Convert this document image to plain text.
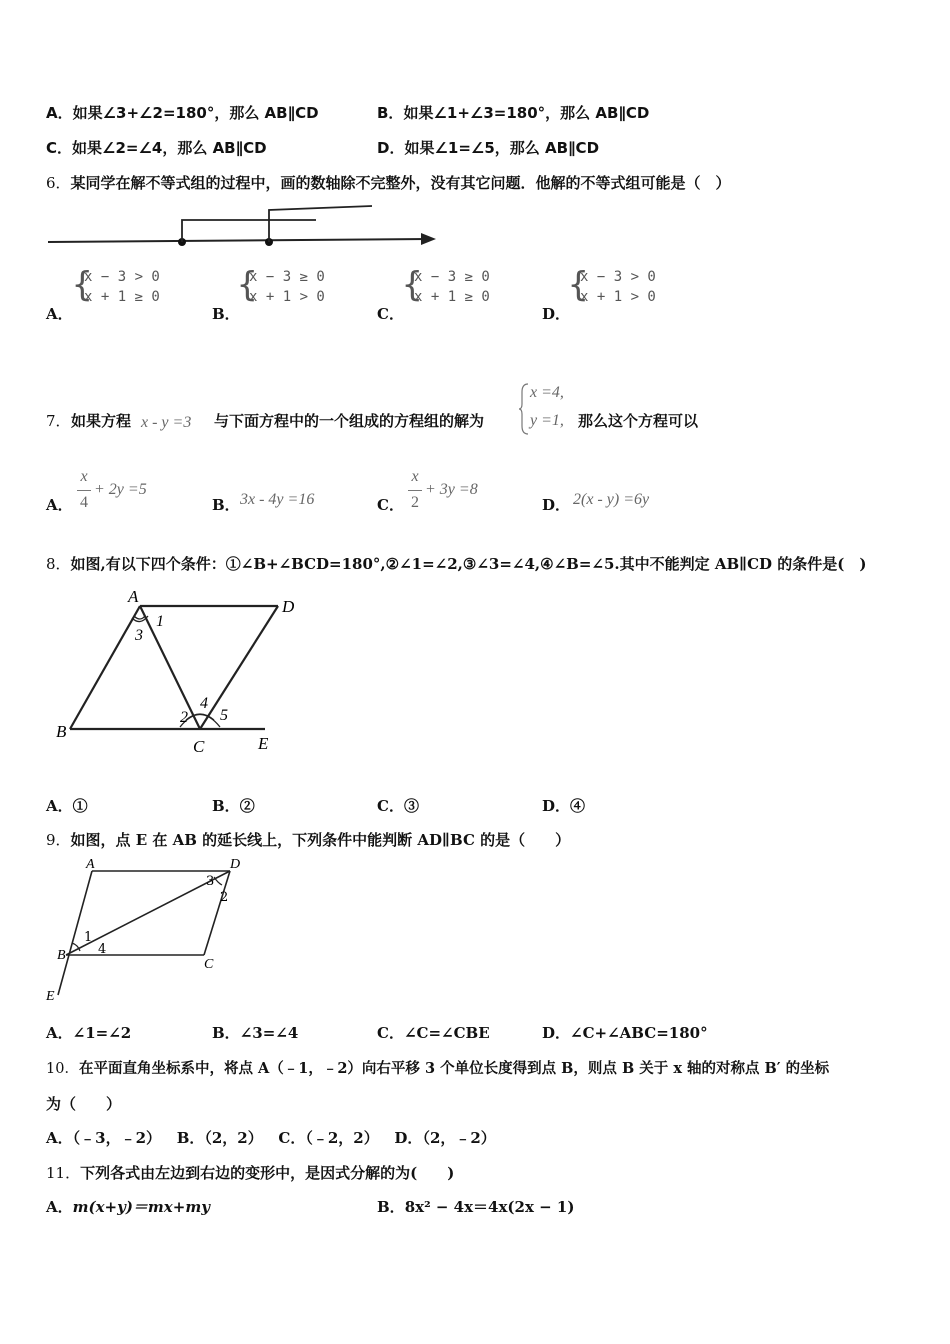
A．如果∠3+∠2=180°，那么 AB∥CD	B．如果∠1+∠3=180°，那么 AB∥CD
C．如果∠2=∠4，那么 AB∥CD	D．如果∠1=∠5，那么 AB∥CD
6．某同学在解不等式组的过程中，画的数轴除不完整外，没有其它问题．他解的不等式组可能是（　）
A．
{
x − 3 > 0
x + 1 ≥ 0
B．
{
x − 3 ≥ 0
x + 1 > 0
C．
{
x − 3 ≥ 0
x + 1 ≥ 0
D．
{
x − 3 > 0
x + 1 > 0
7． 如果方程 x - y =3 与下面方程中的一个组成的方程组的解为
x =4,
y =1, 那么这个方程可以
A．
x
4
+ 2y =5
B． 3x - 4y =16	C．
x
2
+ 3y =8
D． 2(x - y) =6y
8．如图,有以下四个条件：①∠B+∠BCD=180°,②∠1=∠2,③∠3=∠4,④∠B=∠5.其中不能判定 AB∥CD 的条件是(　)
A
D
B
C	E
1
3
2
4
5
A．①	B．②	C．③	D．④
9．如图，点 E 在 AB 的延长线上，下列条件中能判断 AD∥BC 的是（　　）
A	D
B
C
E
1
4
3
2
A．∠1=∠2	B．∠3=∠4	C．∠C=∠CBE	D．∠C+∠ABC=180°
10．在平面直角坐标系中，将点 A（﹣1，﹣2）向右平移 3 个单位长度得到点 B，则点 B 关于 x 轴的对称点 B′ 的坐标
为（　　）
A．（﹣3，﹣2） B．（2，2） C．（﹣2，2） D．（2，﹣2）
11．下列各式由左边到右边的变形中，是因式分解的为(　　)
A．m(x+y)＝mx+my	B．8x² − 4x＝4x(2x − 1)
